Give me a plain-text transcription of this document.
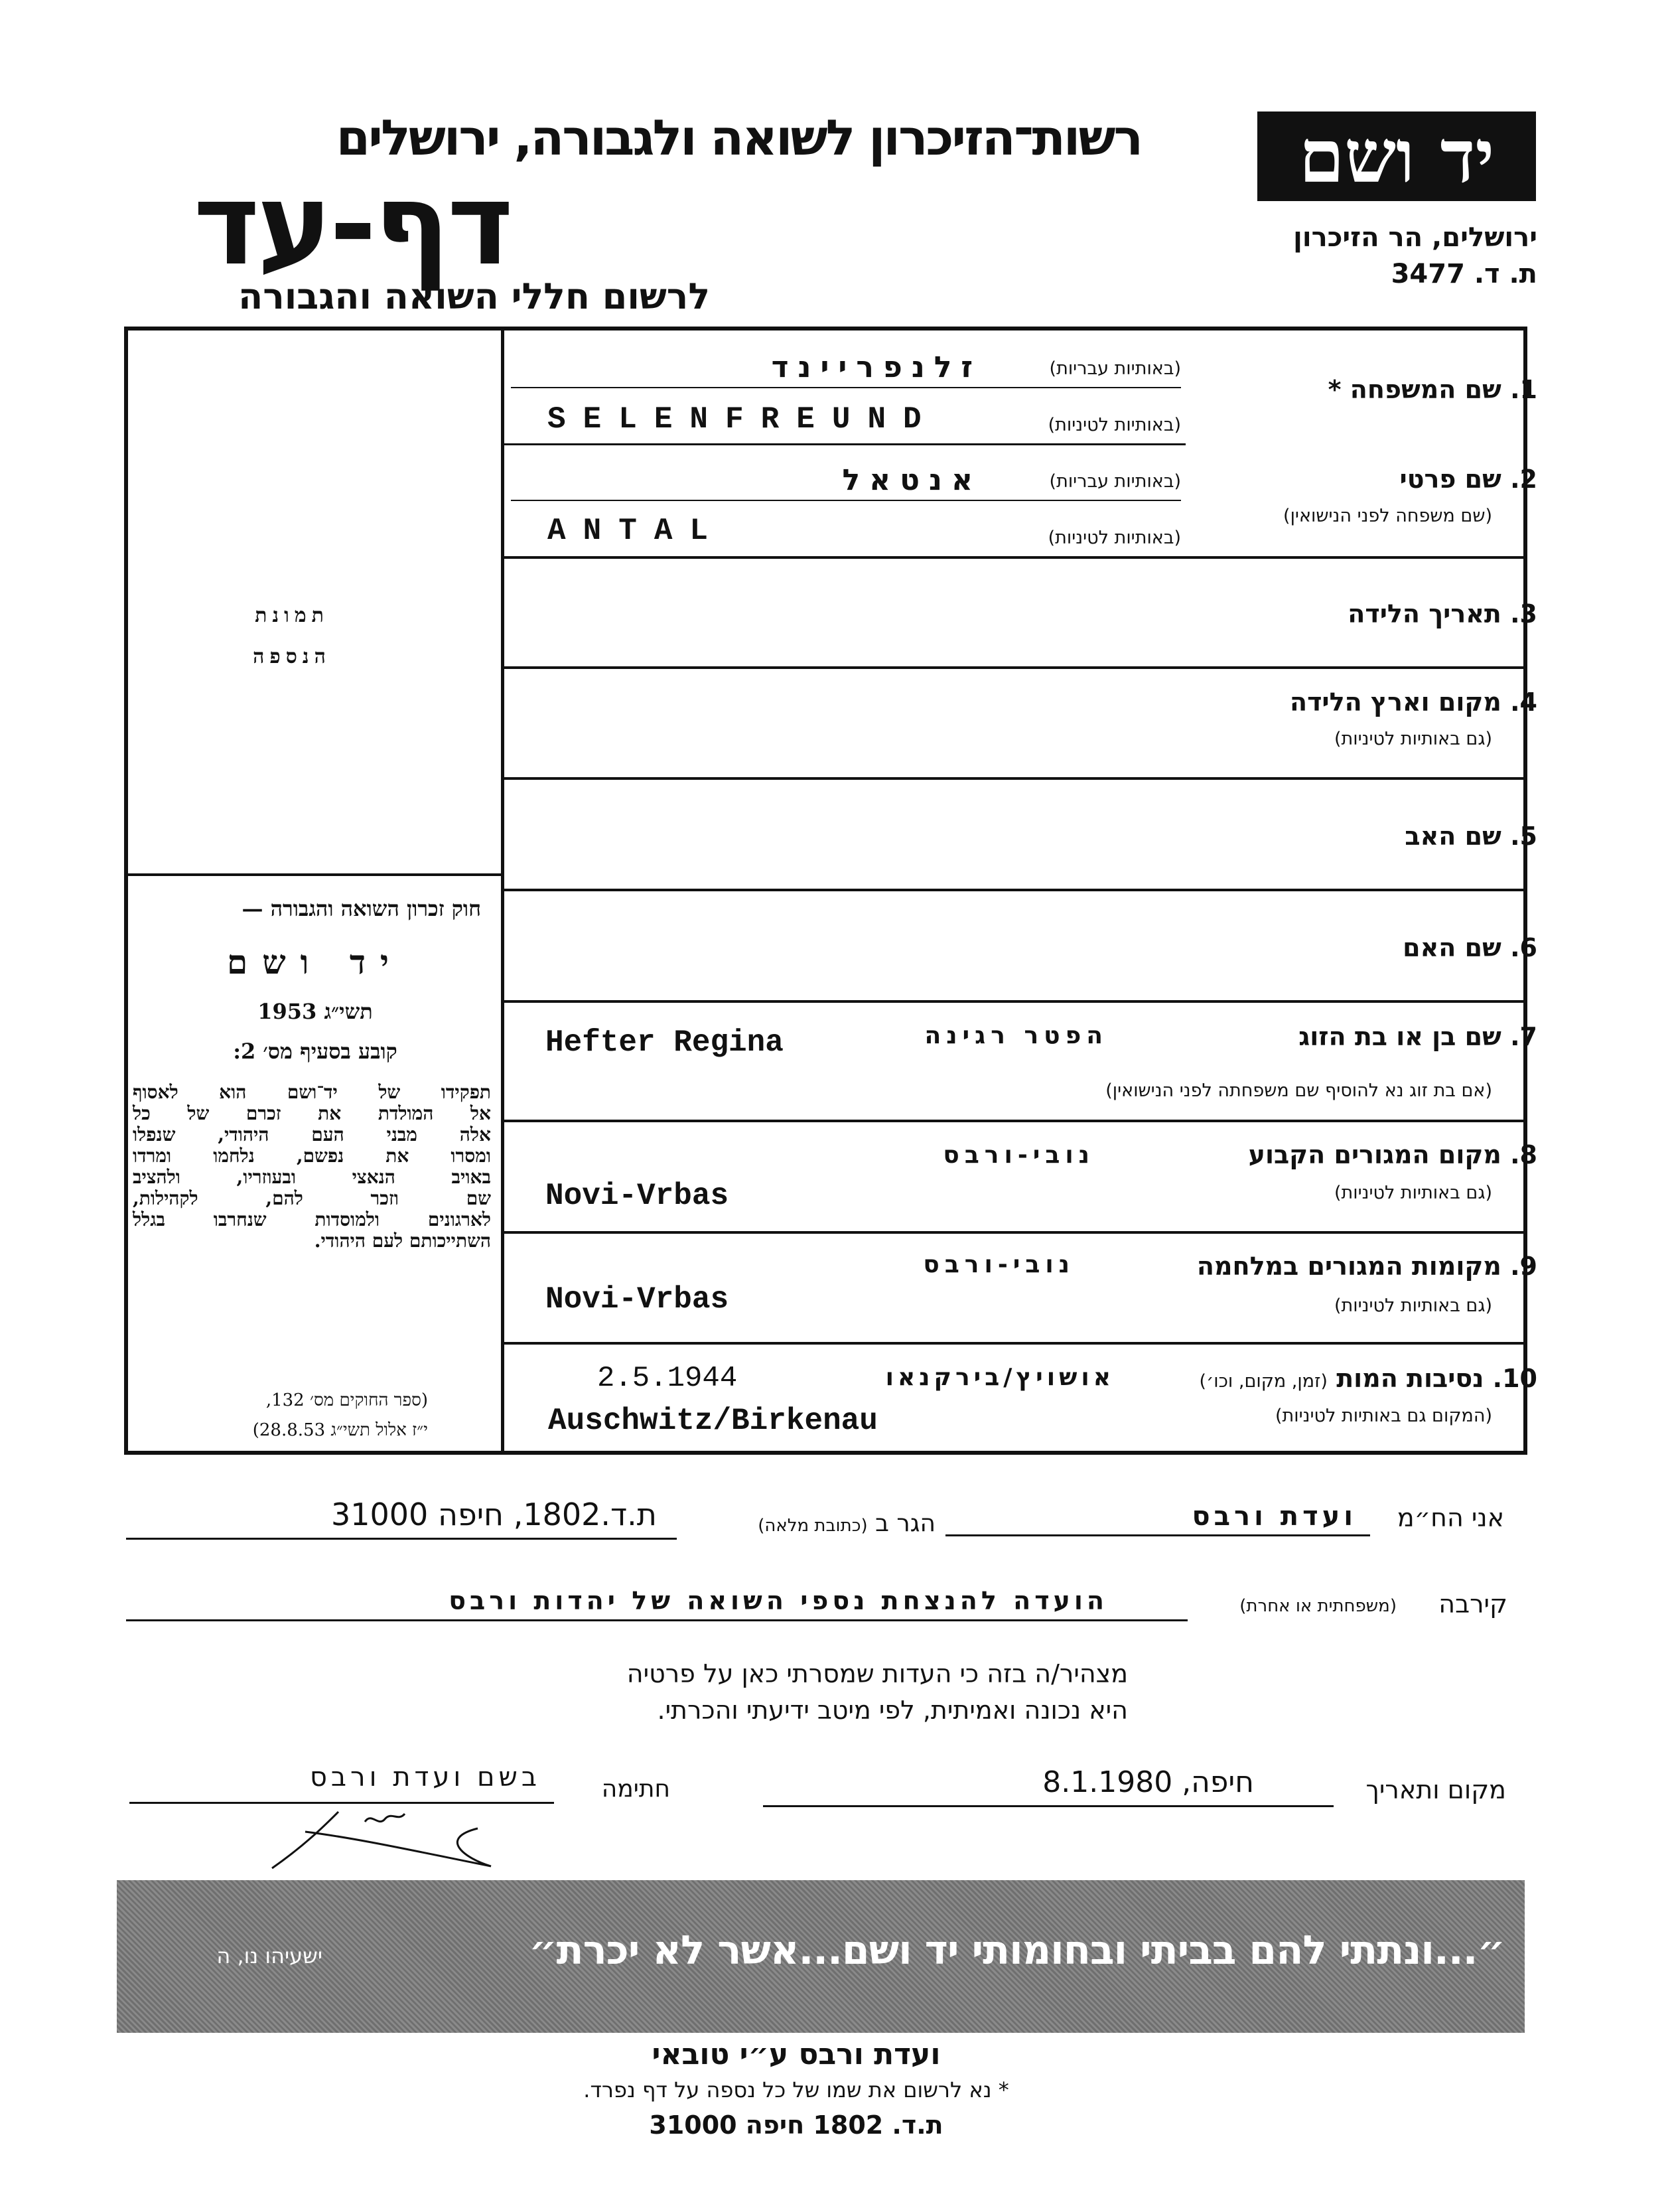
רשות־הזיכרון לשואה ולגבורה, ירושלים
דף-עד
לרשום חללי השואה והגבורה
יד ושם
ירושלים, הר הזיכרון
ת. ד. 3477
תמונת
הנספה
חוק זכרון השואה והגבורה —
יד ושם
תשי״ג 1953
קובע בסעיף מס׳ 2:
תפקידו של יד־ושם הוא לאסוף
אל המולדת את זכרם של כל
אלה מבני העם היהודי, שנפלו
ומסרו את נפשם, נלחמו ומרדו
באויב הנאצי ובעוזריו, ולהציב
שם וזכר להם, לקהילות,
לארגונים ולמוסדות שנחרבו בגלל
השתייכותם לעם היהודי.
(ספר החוקים מס׳ 132,
י״ז אלול תשי״ג 28.8.53)
1. שם המשפחה *
2. שם פרטי
(שם משפחה לפני הנישואין)
3. תאריך הלידה
4. מקום וארץ הלידה
(גם באותיות לטיניות)
5. שם האב
6. שם האם
7. שם בן או בת הזוג
(אם בת זוג נא להוסיף שם משפחתה לפני הנישואין)
8. מקום המגורים הקבוע
(גם באותיות לטיניות)
9. מקומות המגורים במלחמה
(גם באותיות לטיניות)
10. נסיבות המות (זמן, מקום, וכו׳)
(המקום גם באותיות לטיניות)
(באותיות עבריות)
(באותיות לטיניות)
(באותיות עבריות)
(באותיות לטיניות)
זלנפריינד
SELENFREUND
אנטאל
ANTAL
Hefter Regina	הפטר רגינה
נובי-ורבס
Novi-Vrbas
נובי-ורבס
Novi-Vrbas
2.5.1944	אושויץ/בירקנאו
Auschwitz/Birkenau
אני הח״מ
ועדת ורבס
הגר ב (כתובת מלאה)
ת.ד.1802, חיפה 31000
קירבה
(משפחתית או אחרת)
הועדה להנצחת נספי השואה של יהדות ורבס
מצהיר/ה בזה כי העדות שמסרתי כאן על פרטיה
היא נכונה ואמיתית, לפי מיטב ידיעתי והכרתי.
מקום ותאריך
חיפה, 8.1.1980
חתימה
בשם ועדת ורבס
״...ונתתי להם בביתי ובחומותי יד ושם...אשר לא יכרת״
ישעיהו נו, ה
ועדת ורבס ע״י טובאי
* נא לרשום את שמו של כל נספה על דף נפרד.
ת.ד. 1802 חיפה 31000
